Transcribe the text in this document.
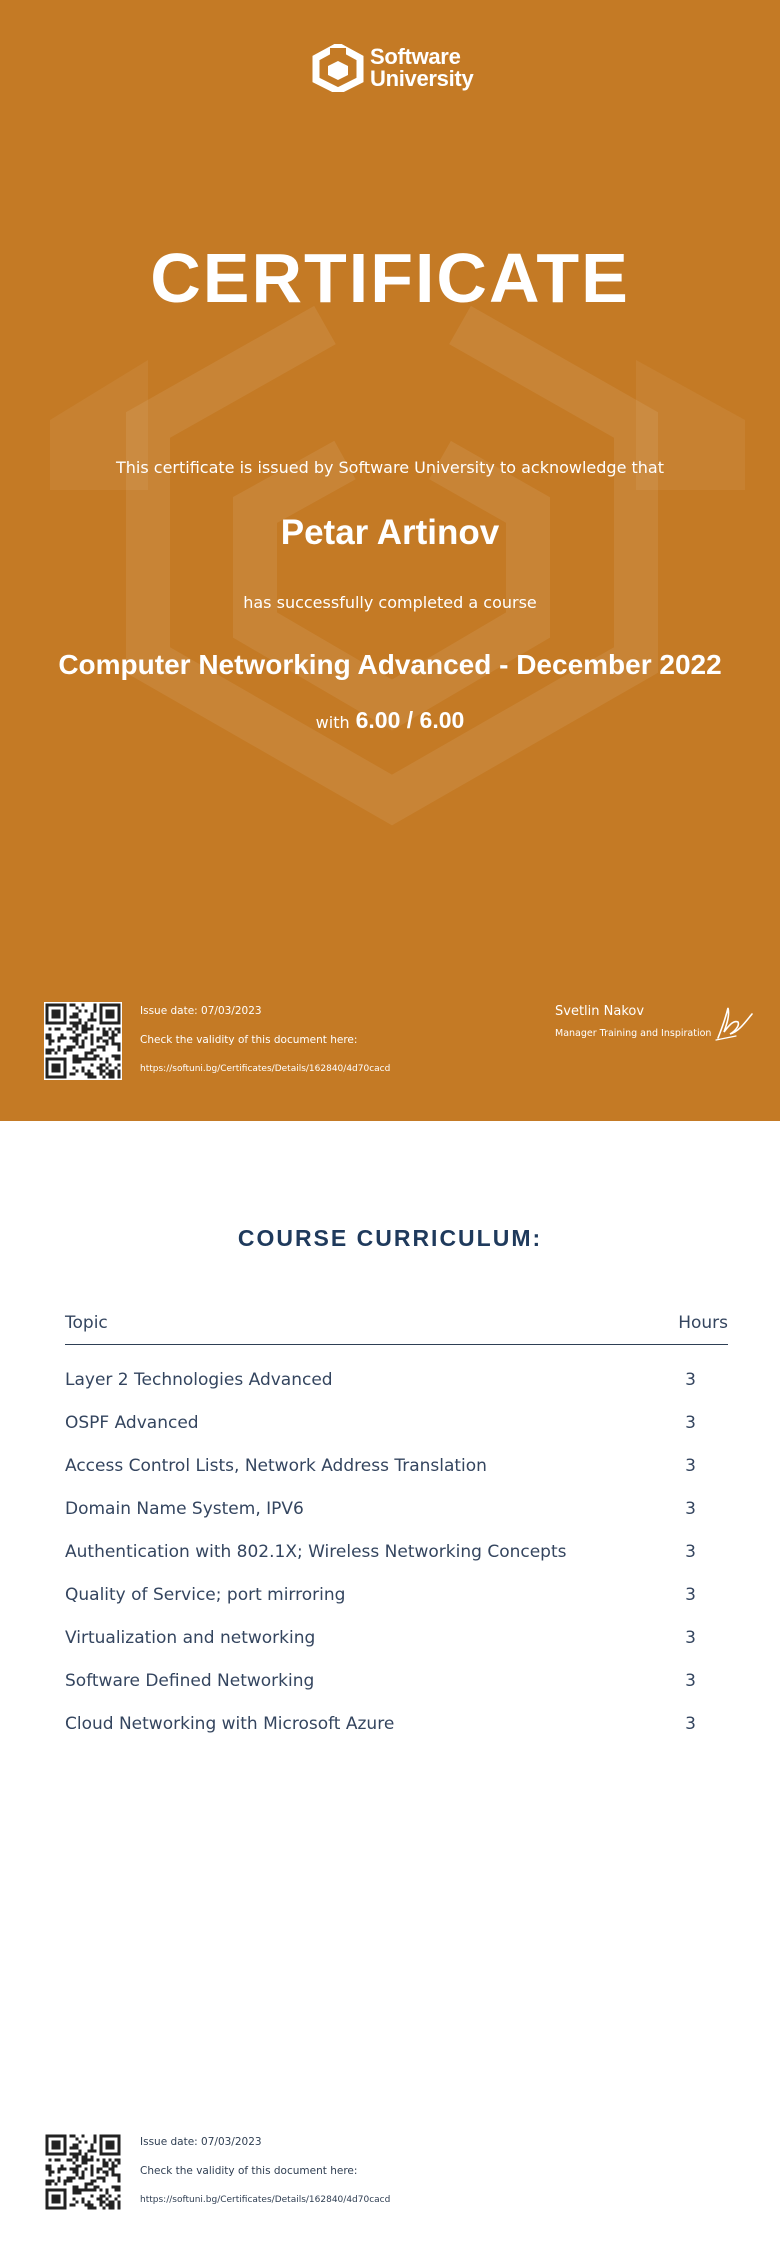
Software
University
CERTIFICATE
This certificate is issued by Software University to acknowledge that
Petar Artinov
has successfully completed a course
Computer Networking Advanced - December 2022
with 6.00 / 6.00
Issue date: 07/03/2023
Check the validity of this document here:
https://softuni.bg/Certificates/Details/162840/4d70cacd
Svetlin Nakov
Manager Training and Inspiration
COURSE CURRICULUM:
Topic	Hours
Layer 2 Technologies Advanced	3
OSPF Advanced	3
Access Control Lists, Network Address Translation	3
Domain Name System, IPV6	3
Authentication with 802.1X; Wireless Networking Concepts	3
Quality of Service; port mirroring	3
Virtualization and networking	3
Software Defined Networking	3
Cloud Networking with Microsoft Azure	3
Issue date: 07/03/2023
Check the validity of this document here:
https://softuni.bg/Certificates/Details/162840/4d70cacd
